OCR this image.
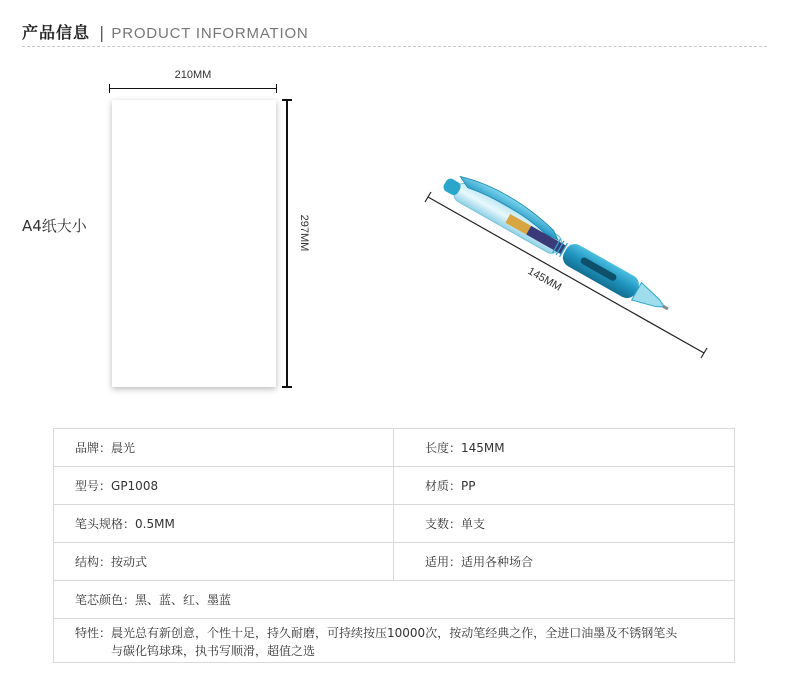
产品信息 | PRODUCT INFORMATION
210MM
297MM
A4纸大小
145MM
品牌：晨光	长度：145MM
型号：GP1008	材质：PP
笔头规格：0.5MM	支数：单支
结构：按动式	适用：适用各种场合
笔芯颜色：黑、蓝、红、墨蓝	

特性：晨光总有新创意，个性十足，持久耐磨，可持续按压10000次，按动笔经典之作，全进口油墨及不锈钢笔头
与碳化钨球珠，执书写顺滑，超值之选	
